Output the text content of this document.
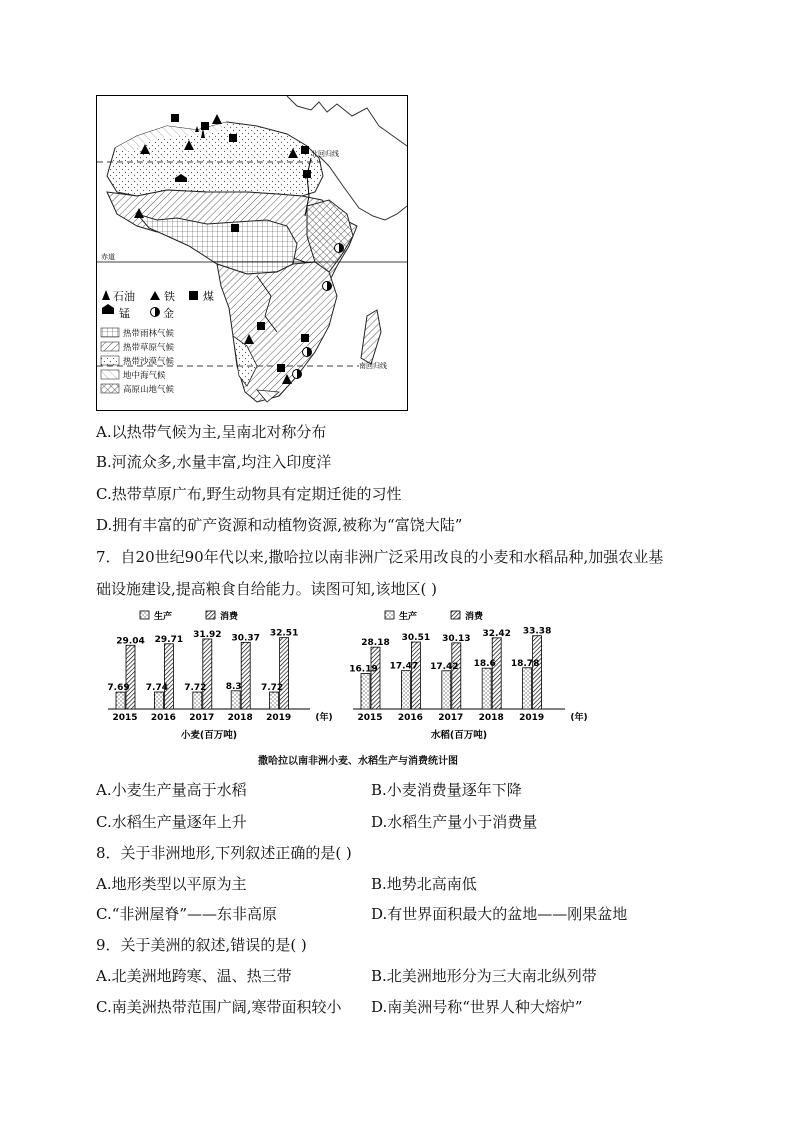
北回归线
赤道
南回归线
石油	铁	煤
锰	金
热带雨林气候
热带草原气候
热带沙漠气候
地中海气候
高原山地气候
A.以热带气候为主,呈南北对称分布
B.河流众多,水量丰富,均注入印度洋
C.热带草原广布,野生动物具有定期迁徙的习性
D.拥有丰富的矿产资源和动植物资源,被称为“富饶大陆”
7．自20世纪90年代以来,撒哈拉以南非洲广泛采用改良的小麦和水稻品种,加强农业基
础设施建设,提高粮食自给能力。读图可知,该地区( )
生产	消费
7.69
29.04
2015
7.74
29.71
2016
7.72
31.92
2017
8.3
30.37
2018
7.72
32.51
2019	(年)
小麦(百万吨)
生产	消费
16.19
28.18
2015
17.47
30.51
2016
17.42
30.13
2017
18.6
32.42
2018
18.78
33.38
2019	(年)
水稻(百万吨)
撒哈拉以南非洲小麦、水稻生产与消费统计图
A.小麦生产量高于水稻	B.小麦消费量逐年下降
C.水稻生产量逐年上升	D.水稻生产量小于消费量
8．关于非洲地形,下列叙述正确的是( )
A.地形类型以平原为主	B.地势北高南低
C.“非洲屋脊”——东非高原	D.有世界面积最大的盆地——刚果盆地
9．关于美洲的叙述,错误的是( )
A.北美洲地跨寒、温、热三带	B.北美洲地形分为三大南北纵列带
C.南美洲热带范围广阔,寒带面积较小 D.南美洲号称“世界人种大熔炉”
